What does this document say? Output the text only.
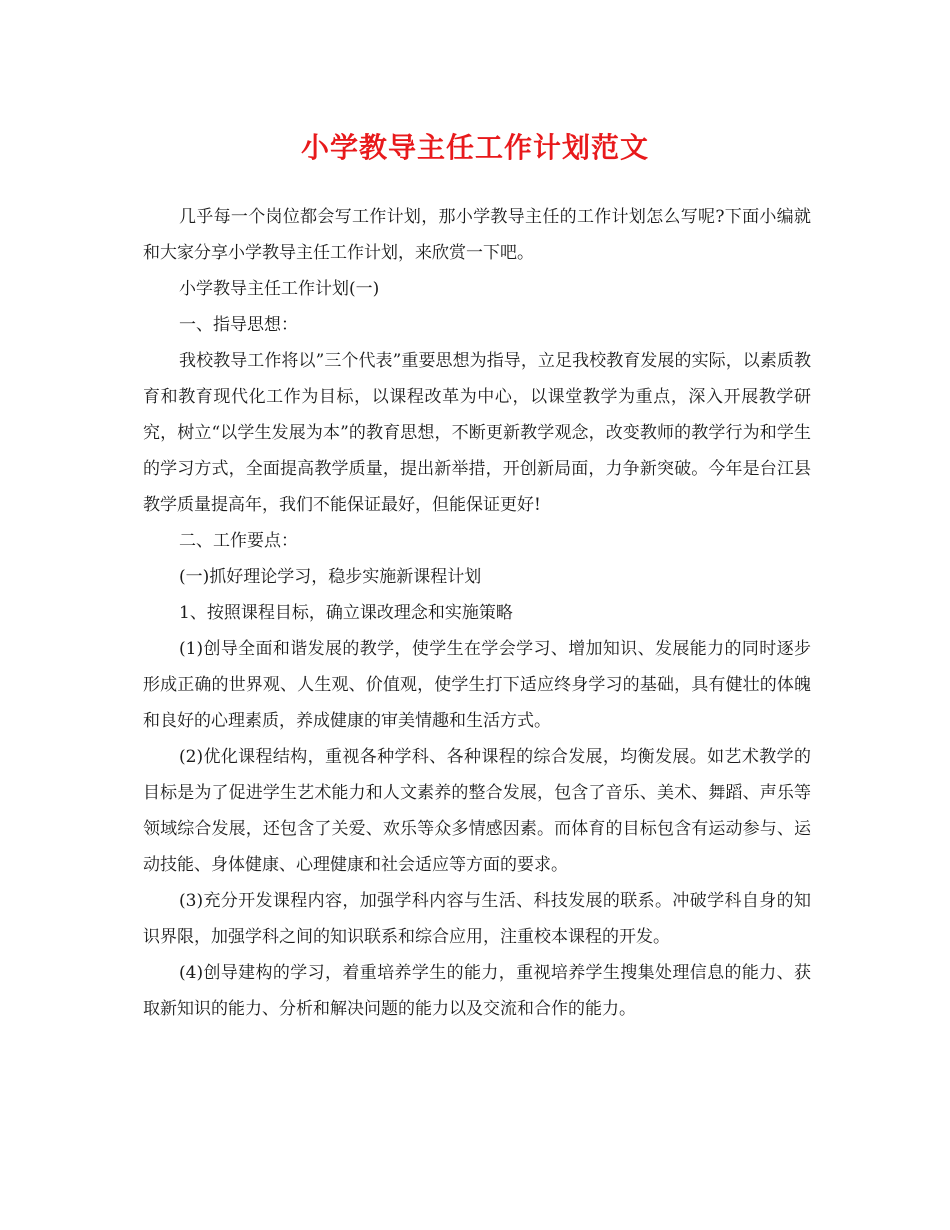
小学教导主任工作计划范文

几乎每一个岗位都会写工作计划，那小学教导主任的工作计划怎么写呢?下面小编就和大家分享小学教导主任工作计划，来欣赏一下吧。

小学教导主任工作计划(一)

一、指导思想：

我校教导工作将以”三个代表”重要思想为指导，立足我校教育发展的实际，以素质教育和教育现代化工作为目标，以课程改革为中心，以课堂教学为重点，深入开展教学研究，树立“以学生发展为本”的教育思想，不断更新教学观念，改变教师的教学行为和学生的学习方式，全面提高教学质量，提出新举措，开创新局面，力争新突破。今年是台江县教学质量提高年，我们不能保证最好，但能保证更好!

二、工作要点：

(一)抓好理论学习，稳步实施新课程计划

1、按照课程目标，确立课改理念和实施策略

(1)创导全面和谐发展的教学，使学生在学会学习、增加知识、发展能力的同时逐步形成正确的世界观、人生观、价值观，使学生打下适应终身学习的基础，具有健壮的体魄和良好的心理素质，养成健康的审美情趣和生活方式。

(2)优化课程结构，重视各种学科、各种课程的综合发展，均衡发展。如艺术教学的目标是为了促进学生艺术能力和人文素养的整合发展，包含了音乐、美术、舞蹈、声乐等领域综合发展，还包含了关爱、欢乐等众多情感因素。而体育的目标包含有运动参与、运动技能、身体健康、心理健康和社会适应等方面的要求。

(3)充分开发课程内容，加强学科内容与生活、科技发展的联系。冲破学科自身的知识界限，加强学科之间的知识联系和综合应用，注重校本课程的开发。

(4)创导建构的学习，着重培养学生的能力，重视培养学生搜集处理信息的能力、获取新知识的能力、分析和解决问题的能力以及交流和合作的能力。
